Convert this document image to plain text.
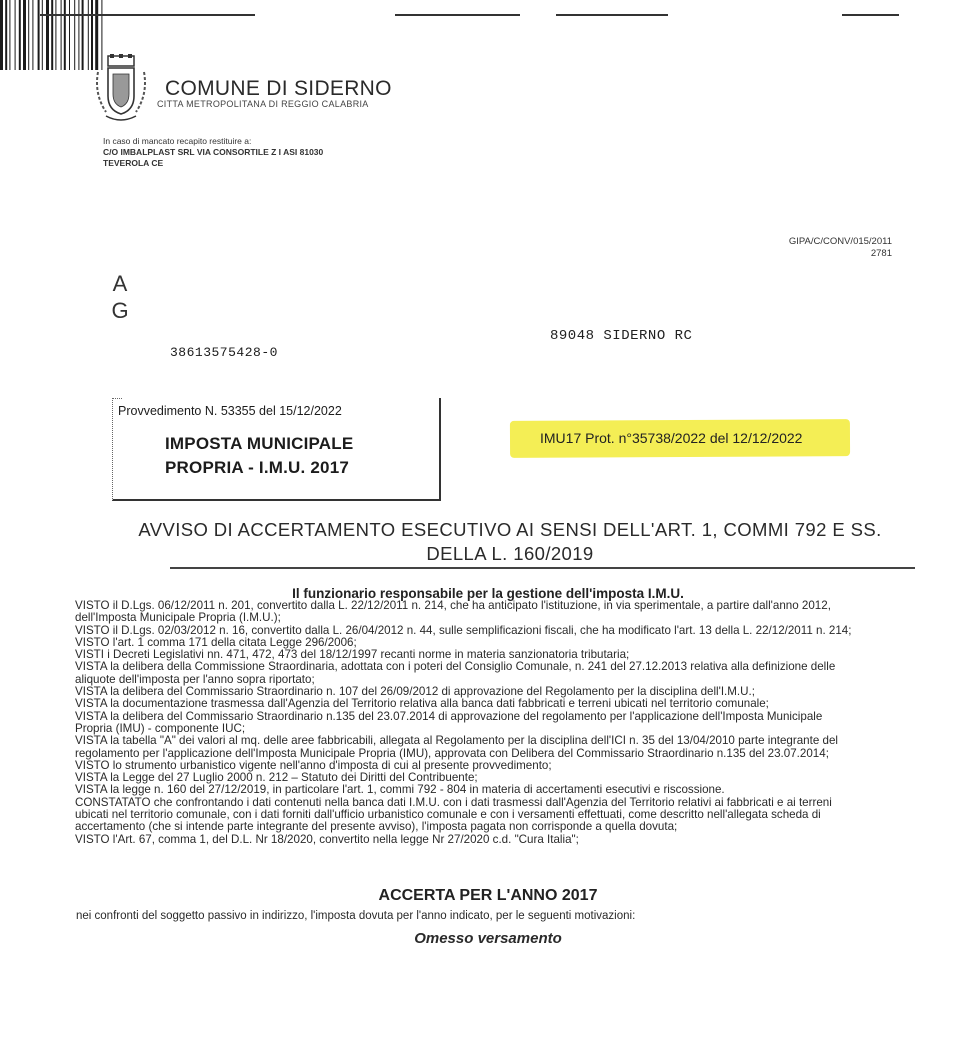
COMUNE DI SIDERNO
CITTA METROPOLITANA DI REGGIO CALABRIA
In caso di mancato recapito restituire a:
C/O IMBALPLAST SRL VIA CONSORTILE Z I ASI 81030
TEVEROLA CE
GIPA/C/CONV/015/2011
2781
A
G
38613575428-0
89048 SIDERNO RC
Provvedimento N. 53355 del 15/12/2022
IMPOSTA MUNICIPALE
PROPRIA - I.M.U. 2017
IMU17 Prot. n°35738/2022 del 12/12/2022
AVVISO DI ACCERTAMENTO ESECUTIVO AI SENSI DELL'ART. 1, COMMI 792 E SS.
DELLA L. 160/2019
Il funzionario responsabile per la gestione dell'imposta I.M.U.

VISTO il D.Lgs. 06/12/2011 n. 201, convertito dalla L. 22/12/2011 n. 214, che ha anticipato l'istituzione, in via sperimentale, a partire dall'anno 2012,

dell'Imposta Municipale Propria (I.M.U.);

VISTO il D.Lgs. 02/03/2012 n. 16, convertito dalla L. 26/04/2012 n. 44, sulle semplificazioni fiscali, che ha modificato l'art. 13 della L. 22/12/2011 n. 214;

VISTO l'art. 1 comma 171 della citata Legge 296/2006;

VISTI i Decreti Legislativi nn. 471, 472, 473 del 18/12/1997 recanti norme in materia sanzionatoria tributaria;

VISTA la delibera della Commissione Straordinaria, adottata con i poteri del Consiglio Comunale, n. 241 del 27.12.2013 relativa alla definizione delle

aliquote dell'imposta per l'anno sopra riportato;

VISTA la delibera del Commissario Straordinario n. 107 del 26/09/2012 di approvazione del Regolamento per la disciplina dell'I.M.U.;

VISTA la documentazione trasmessa dall'Agenzia del Territorio relativa alla banca dati fabbricati e terreni ubicati nel territorio comunale;

VISTA la delibera del Commissario Straordinario n.135 del 23.07.2014 di approvazione del regolamento per l'applicazione dell'Imposta Municipale

Propria (IMU) - componente IUC;

VISTA la tabella "A" dei valori al mq. delle aree fabbricabili, allegata al Regolamento per la disciplina dell'ICI n. 35 del 13/04/2010 parte integrante del

regolamento per l'applicazione dell'Imposta Municipale Propria (IMU), approvata con Delibera del Commissario Straordinario n.135 del 23.07.2014;

VISTO lo strumento urbanistico vigente nell'anno d'imposta di cui al presente provvedimento;

VISTA la Legge del 27 Luglio 2000 n. 212 – Statuto dei Diritti del Contribuente;

VISTA la legge n. 160 del 27/12/2019, in particolare l'art. 1, commi 792 - 804 in materia di accertamenti esecutivi e riscossione.

CONSTATATO che confrontando i dati contenuti nella banca dati I.M.U. con i dati trasmessi dall'Agenzia del Territorio relativi ai fabbricati e ai terreni

ubicati nel territorio comunale, con i dati forniti dall'ufficio urbanistico comunale e con i versamenti effettuati, come descritto nell'allegata scheda di

accertamento (che si intende parte integrante del presente avviso), l'imposta pagata non corrisponde a quella dovuta;

VISTO l'Art. 67, comma 1, del D.L. Nr 18/2020, convertito nella legge Nr 27/2020 c.d. "Cura Italia";

ACCERTA PER L'ANNO 2017
nei confronti del soggetto passivo in indirizzo, l'imposta dovuta per l'anno indicato, per le seguenti motivazioni:
Omesso versamento
